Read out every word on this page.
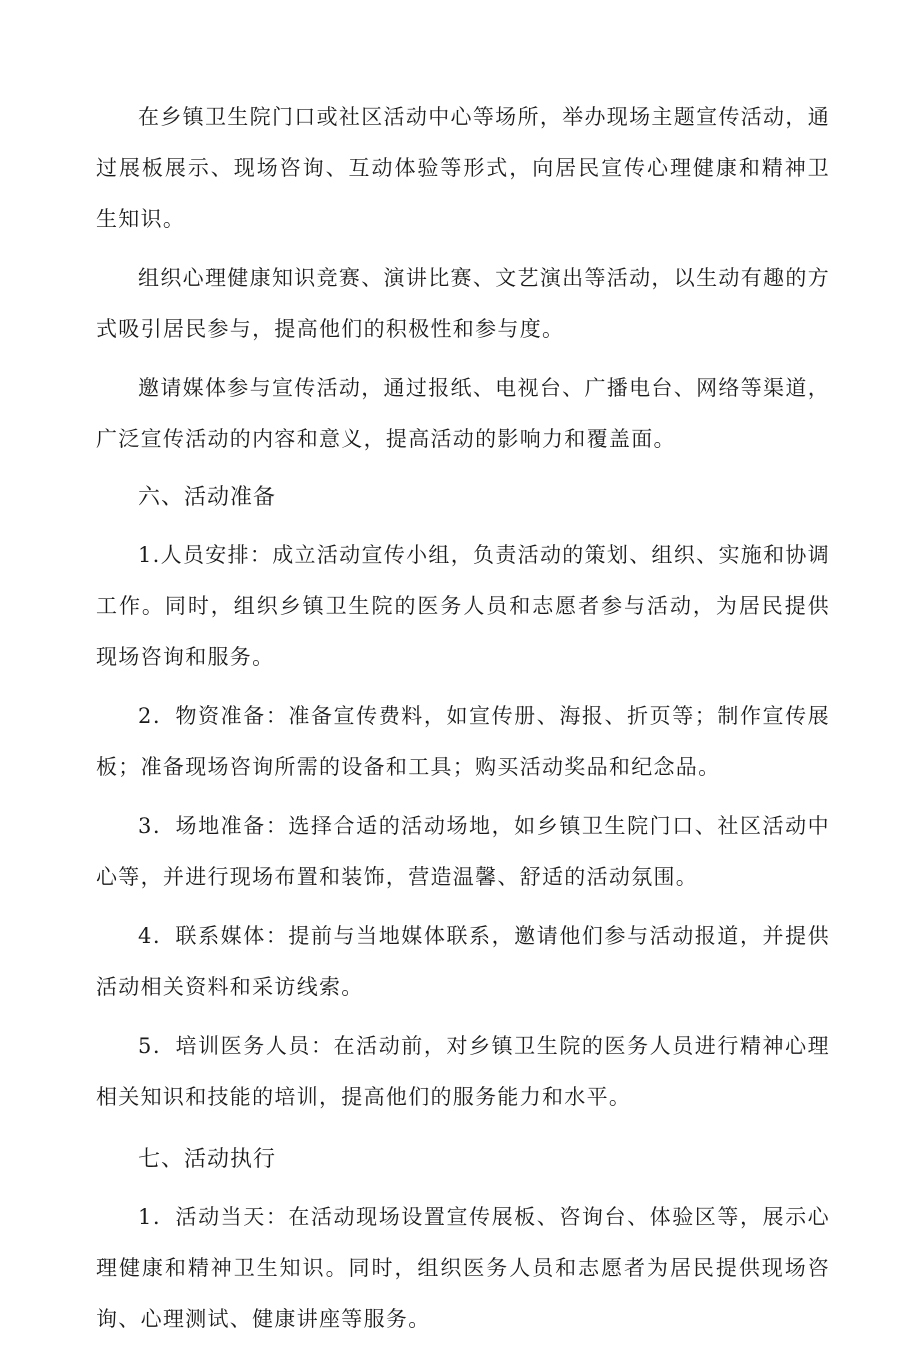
在乡镇卫生院门口或社区活动中心等场所，举办现场主题宣传活动，通过展板展示、现场咨询、互动体验等形式，向居民宣传心理健康和精神卫生知识。

组织心理健康知识竞赛、演讲比赛、文艺演出等活动，以生动有趣的方式吸引居民参与，提高他们的积极性和参与度。

邀请媒体参与宣传活动，通过报纸、电视台、广播电台、网络等渠道，广泛宣传活动的内容和意义，提高活动的影响力和覆盖面。

六、活动准备

1.人员安排：成立活动宣传小组，负责活动的策划、组织、实施和协调工作。同时，组织乡镇卫生院的医务人员和志愿者参与活动，为居民提供现场咨询和服务。

2．物资准备：准备宣传费料，如宣传册、海报、折页等；制作宣传展板；准备现场咨询所需的设备和工具；购买活动奖品和纪念品。

3．场地准备：选择合适的活动场地，如乡镇卫生院门口、社区活动中心等，并进行现场布置和装饰，营造温馨、舒适的活动氛围。

4．联系媒体：提前与当地媒体联系，邀请他们参与活动报道，并提供活动相关资料和采访线索。

5．培训医务人员：在活动前，对乡镇卫生院的医务人员进行精神心理相关知识和技能的培训，提高他们的服务能力和水平。

七、活动执行

1．活动当天：在活动现场设置宣传展板、咨询台、体验区等，展示心理健康和精神卫生知识。同时，组织医务人员和志愿者为居民提供现场咨询、心理测试、健康讲座等服务。
